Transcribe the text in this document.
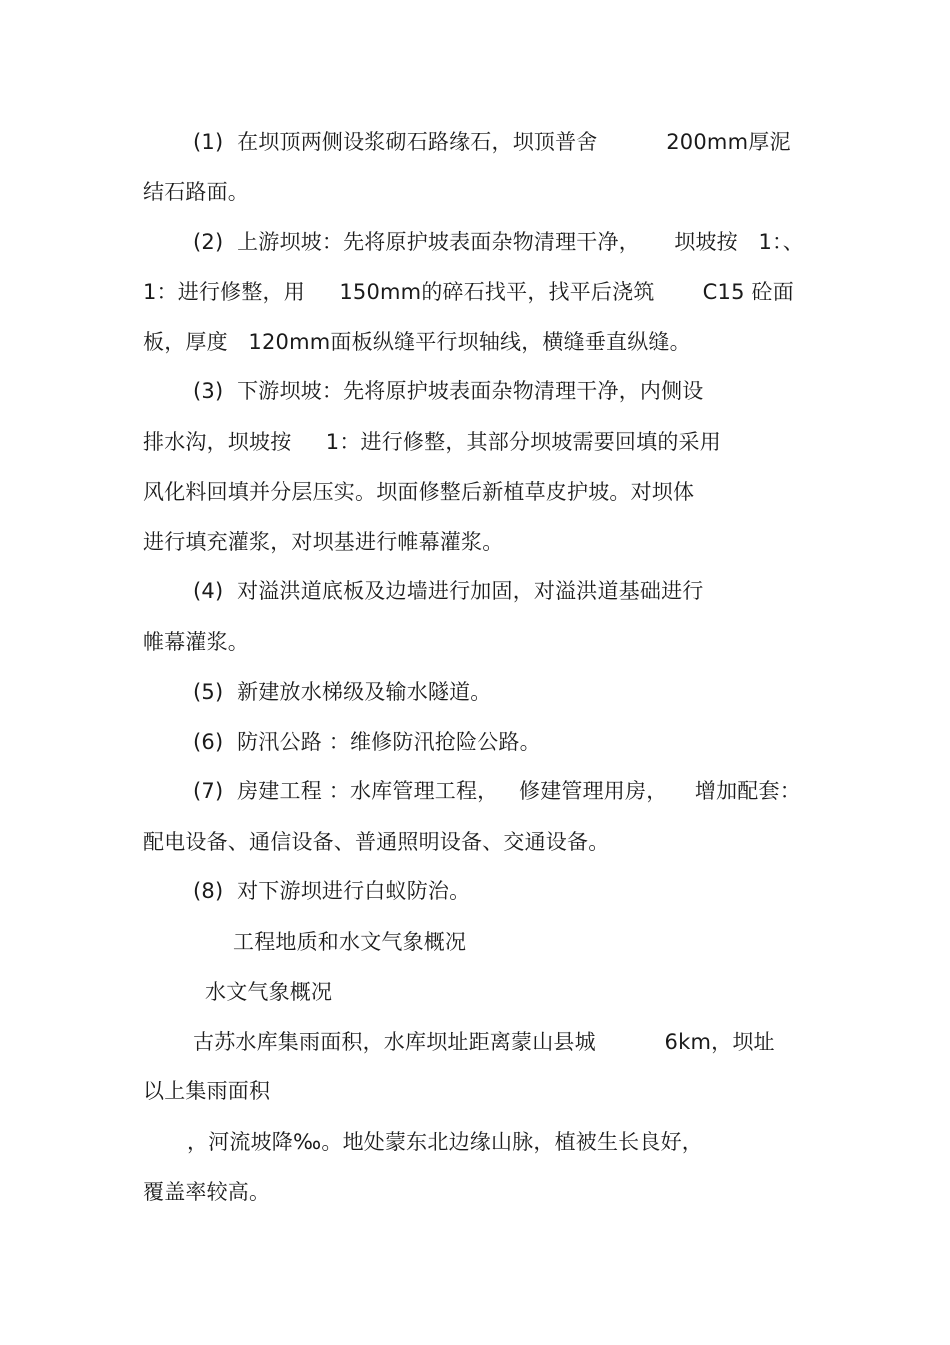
(1)  在坝顶两侧设浆砌石路缘石，坝顶普舍          200mm厚泥
结石路面。
(2)  上游坝坡：先将原护坡表面杂物清理干净，     坝坡按   1：、
1：进行修整，用     150mm的碎石找平，找平后浇筑       C15 砼面
板，厚度   120mm面板纵缝平行坝轴线，横缝垂直纵缝。
(3)  下游坝坡：先将原护坡表面杂物清理干净，内侧设
排水沟，坝坡按     1：进行修整，其部分坝坡需要回填的采用
风化料回填并分层压实。坝面修整后新植草皮护坡。对坝体
进行填充灌浆，对坝基进行帷幕灌浆。
(4)  对溢洪道底板及边墙进行加固，对溢洪道基础进行
帷幕灌浆。
(5)  新建放水梯级及输水隧道。
(6)  防汛公路 ：维修防汛抢险公路。
(7)  房建工程 ：水库管理工程，   修建管理用房，    增加配套：
配电设备、通信设备、普通照明设备、交通设备。
(8)  对下游坝进行白蚁防治。
工程地质和水文气象概况
水文气象概况
古苏水库集雨面积，水库坝址距离蒙山县城          6km，坝址
以上集雨面积
，河流坡降‰。地处蒙东北边缘山脉，植被生长良好，
覆盖率较高。
